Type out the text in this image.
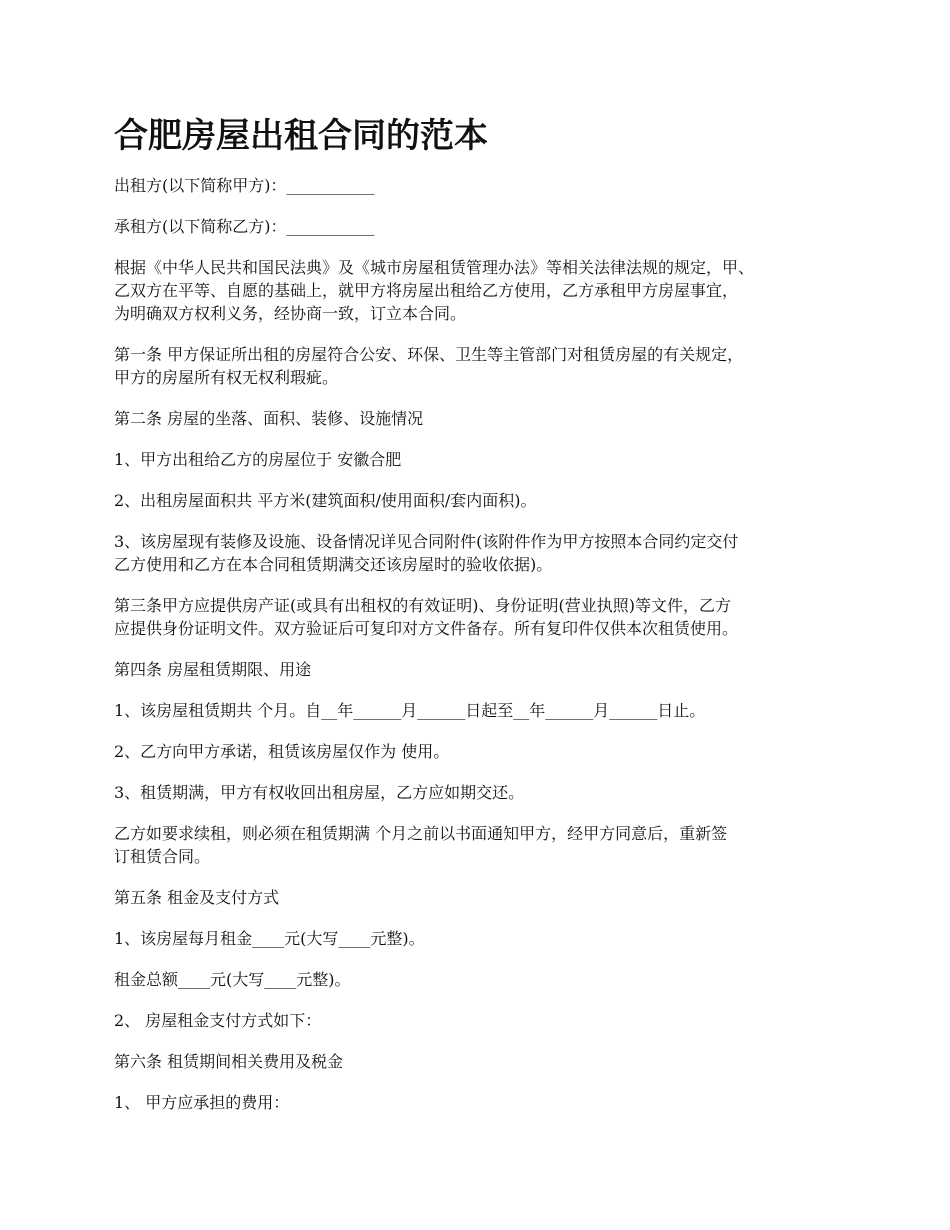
合肥房屋出租合同的范本

出租方(以下简称甲方)：___________

承租方(以下简称乙方)：___________

根据《中华人民共和国民法典》及《城市房屋租赁管理办法》等相关法律法规的规定，甲、
乙双方在平等、自愿的基础上，就甲方将房屋出租给乙方使用，乙方承租甲方房屋事宜，
为明确双方权利义务，经协商一致，订立本合同。

第一条 甲方保证所出租的房屋符合公安、环保、卫生等主管部门对租赁房屋的有关规定，
甲方的房屋所有权无权利瑕疵。

第二条 房屋的坐落、面积、装修、设施情况

1、甲方出租给乙方的房屋位于 安徽合肥

2、出租房屋面积共 平方米(建筑面积/使用面积/套内面积)。

3、该房屋现有装修及设施、设备情况详见合同附件(该附件作为甲方按照本合同约定交付
乙方使用和乙方在本合同租赁期满交还该房屋时的验收依据)。

第三条甲方应提供房产证(或具有出租权的有效证明)、身份证明(营业执照)等文件，乙方
应提供身份证明文件。双方验证后可复印对方文件备存。所有复印件仅供本次租赁使用。

第四条 房屋租赁期限、用途

1、该房屋租赁期共 个月。自__年______月______日起至__年______月______日止。

2、乙方向甲方承诺，租赁该房屋仅作为 使用。

3、租赁期满，甲方有权收回出租房屋，乙方应如期交还。

乙方如要求续租，则必须在租赁期满 个月之前以书面通知甲方，经甲方同意后，重新签
订租赁合同。

第五条 租金及支付方式

1、该房屋每月租金____元(大写____元整)。

租金总额____元(大写____元整)。

2、 房屋租金支付方式如下：

第六条 租赁期间相关费用及税金

1、 甲方应承担的费用：
